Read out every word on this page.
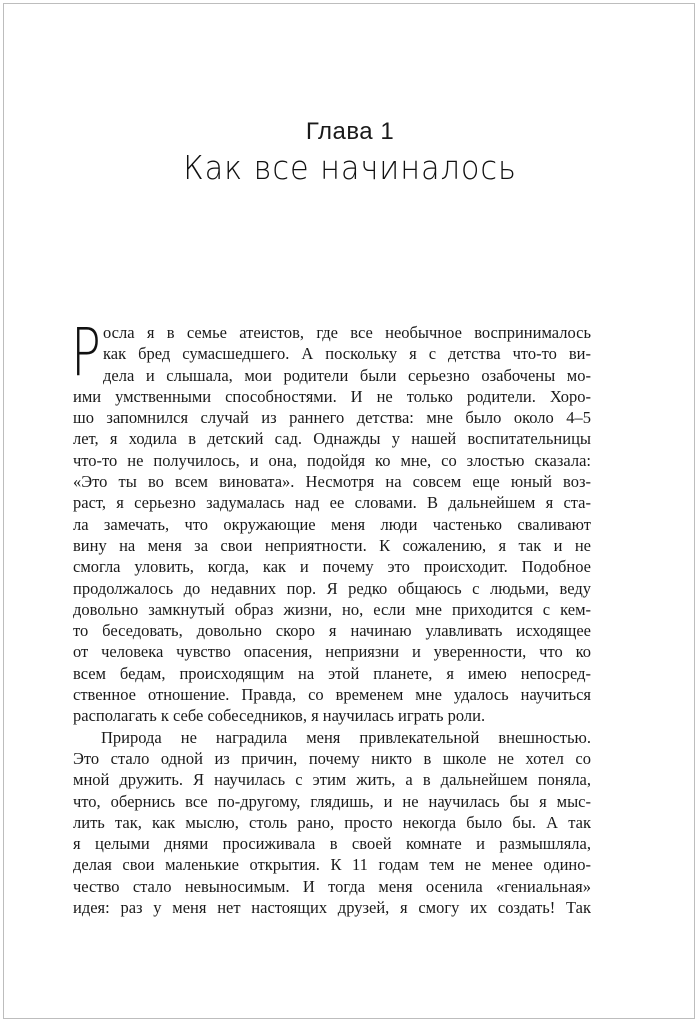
Глава 1
Как все начиналось
Р осла я в семье атеистов, где все необычное воспринималось
как бред сумасшедшего. А поскольку я с детства что-то ви-
дела и слышала, мои родители были серьезно озабочены мо-
ими умственными способностями. И не только родители. Хоро-
шо запомнился случай из раннего детства: мне было около 4–5
лет, я ходила в детский сад. Однажды у нашей воспитательницы
что-то не получилось, и она, подойдя ко мне, со злостью сказала:
«Это ты во всем виновата». Несмотря на совсем еще юный воз-
раст, я серьезно задумалась над ее словами. В дальнейшем я ста-
ла замечать, что окружающие меня люди частенько сваливают
вину на меня за свои неприятности. К сожалению, я так и не
смогла уловить, когда, как и почему это происходит. Подобное
продолжалось до недавних пор. Я редко общаюсь с людьми, веду
довольно замкнутый образ жизни, но, если мне приходится с кем-
то беседовать, довольно скоро я начинаю улавливать исходящее
от человека чувство опасения, неприязни и уверенности, что ко
всем бедам, происходящим на этой планете, я имею непосред-
ственное отношение. Правда, со временем мне удалось научиться
располагать к себе собеседников, я научилась играть роли.
Природа не наградила меня привлекательной внешностью.
Это стало одной из причин, почему никто в школе не хотел со
мной дружить. Я научилась с этим жить, а в дальнейшем поняла,
что, обернись все по-другому, глядишь, и не научилась бы я мыс-
лить так, как мыслю, столь рано, просто некогда было бы. А так
я целыми днями просиживала в своей комнате и размышляла,
делая свои маленькие открытия. К 11 годам тем не менее одино-
чество стало невыносимым. И тогда меня осенила «гениальная»
идея: раз у меня нет настоящих друзей, я смогу их создать! Так
